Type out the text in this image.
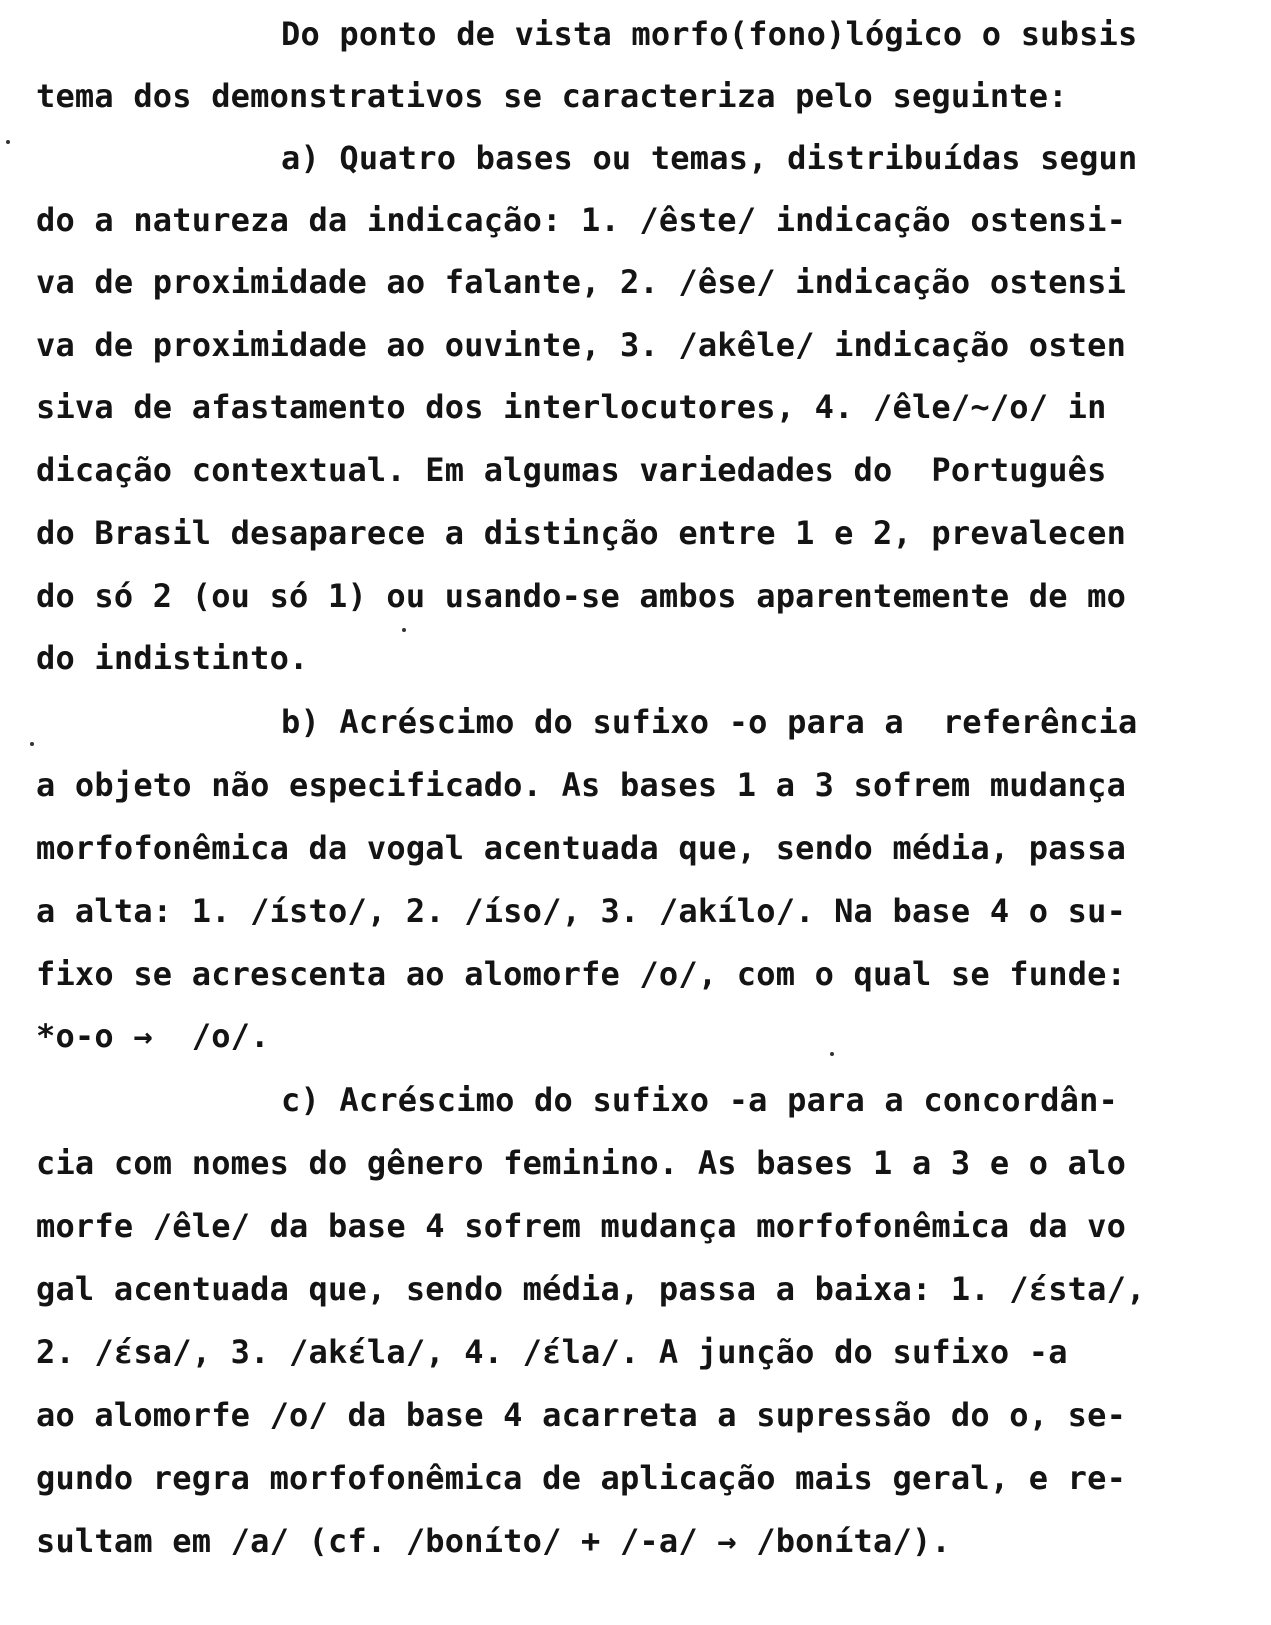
Do ponto de vista morfo(fono)lógico o subsis
tema dos demonstrativos se caracteriza pelo seguinte:
a) Quatro bases ou temas, distribuídas segun
do a natureza da indicação: 1. /êste/ indicação ostensi-
va de proximidade ao falante, 2. /êse/ indicação ostensi
va de proximidade ao ouvinte, 3. /akêle/ indicação osten
siva de afastamento dos interlocutores, 4. /êle/~/o/ in
dicação contextual. Em algumas variedades do  Português
do Brasil desaparece a distinção entre 1 e 2, prevalecen
do só 2 (ou só 1) ou usando-se ambos aparentemente de mo
do indistinto.
b) Acréscimo do sufixo -o para a  referência
a objeto não especificado. As bases 1 a 3 sofrem mudança
morfofonêmica da vogal acentuada que, sendo média, passa
a alta: 1. /ísto/, 2. /íso/, 3. /akílo/. Na base 4 o su-
fixo se acrescenta ao alomorfe /o/, com o qual se funde:
*o-o →  /o/.
c) Acréscimo do sufixo -a para a concordân-
cia com nomes do gênero feminino. As bases 1 a 3 e o alo
morfe /êle/ da base 4 sofrem mudança morfofonêmica da vo
gal acentuada que, sendo média, passa a baixa: 1. /ɛ́sta/,
2. /ɛ́sa/, 3. /akɛ́la/, 4. /ɛ́la/. A junção do sufixo -a
ao alomorfe /o/ da base 4 acarreta a supressão do o, se-
gundo regra morfofonêmica de aplicação mais geral, e re-
sultam em /a/ (cf. /boníto/ + /-a/ → /boníta/).
